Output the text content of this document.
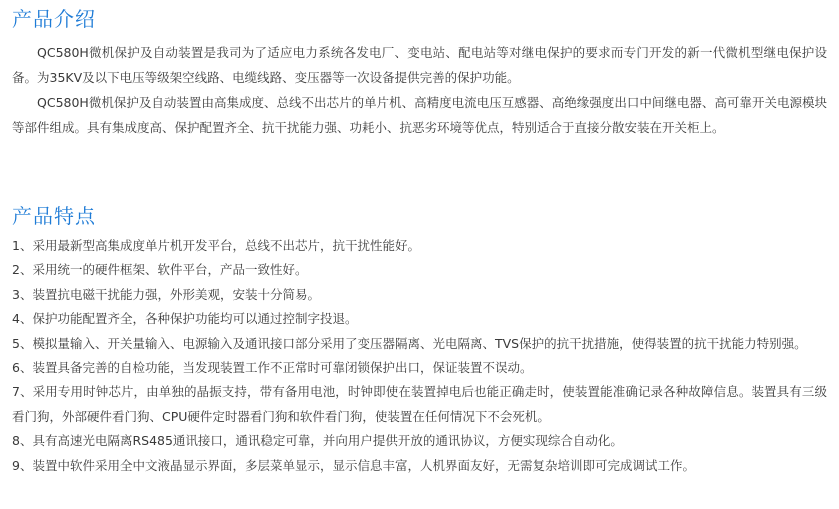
产品介绍

QC580H微机保护及自动装置是我司为了适应电力系统各发电厂、变电站、配电站等对继电保护的要求而专门开发的新一代微机型继电保护设备。为35KV及以下电压等级架空线路、电缆线路、变压器等一次设备提供完善的保护功能。

QC580H微机保护及自动装置由高集成度、总线不出芯片的单片机、高精度电流电压互感器、高绝缘强度出口中间继电器、高可靠开关电源模块等部件组成。具有集成度高、保护配置齐全、抗干扰能力强、功耗小、抗恶劣环境等优点，特别适合于直接分散安装在开关柜上。

产品特点
1、采用最新型高集成度单片机开发平台，总线不出芯片，抗干扰性能好。
2、采用统一的硬件框架、软件平台，产品一致性好。
3、装置抗电磁干扰能力强，外形美观，安装十分简易。
4、保护功能配置齐全，各种保护功能均可以通过控制字投退。
5、模拟量输入、开关量输入、电源输入及通讯接口部分采用了变压器隔离、光电隔离、TVS保护的抗干扰措施，使得装置的抗干扰能力特别强。
6、装置具备完善的自检功能，当发现装置工作不正常时可靠闭锁保护出口，保证装置不误动。
7、采用专用时钟芯片，由单独的晶振支持，带有备用电池，时钟即使在装置掉电后也能正确走时，使装置能准确记录各种故障信息。装置具有三级看门狗，外部硬件看门狗、CPU硬件定时器看门狗和软件看门狗，使装置在任何情况下不会死机。
8、具有高速光电隔离RS485通讯接口，通讯稳定可靠，并向用户提供开放的通讯协议，方便实现综合自动化。
9、装置中软件采用全中文液晶显示界面，多层菜单显示，显示信息丰富，人机界面友好，无需复杂培训即可完成调试工作。
